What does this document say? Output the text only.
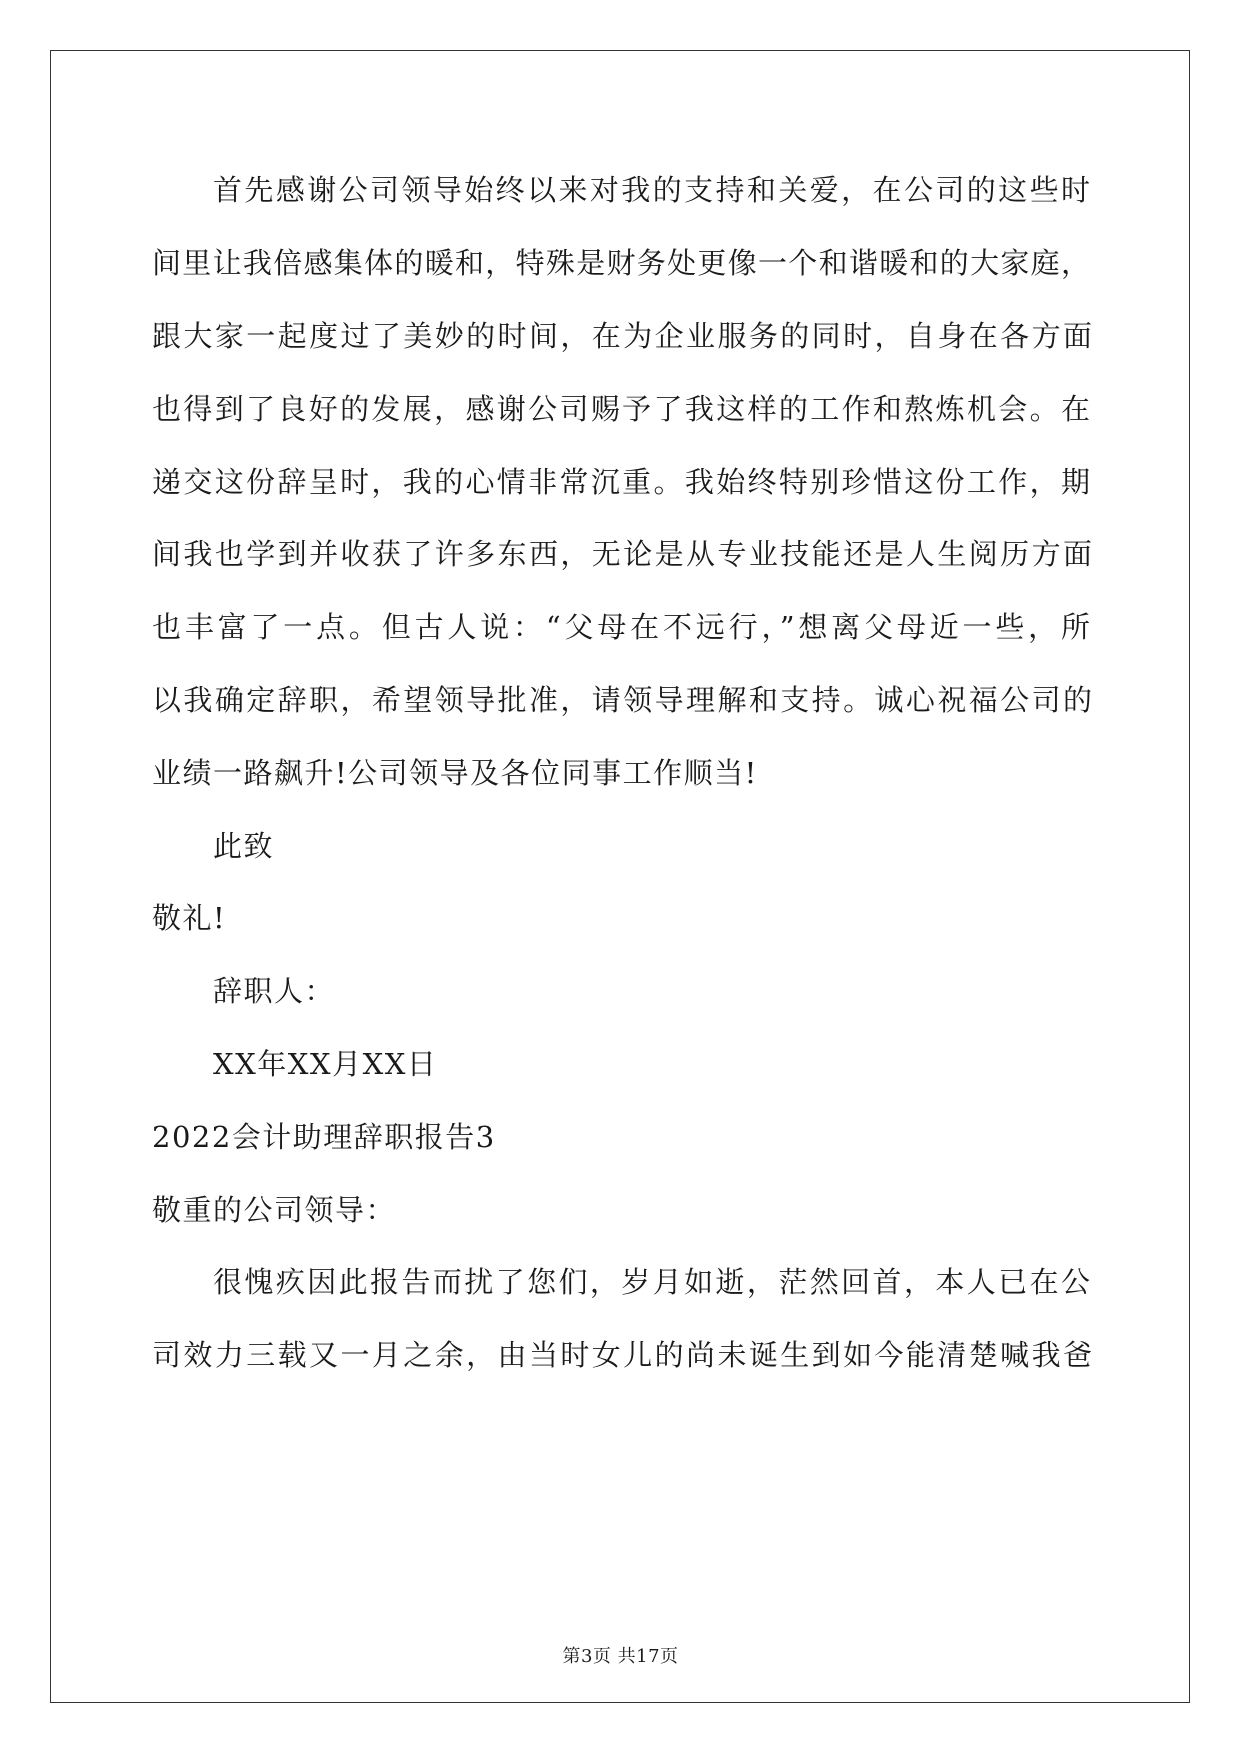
首先感谢公司领导始终以来对我的支持和关爱，在公司的这些时
间里让我倍感集体的暖和，特殊是财务处更像一个和谐暖和的大家庭，
跟大家一起度过了美妙的时间，在为企业服务的同时，自身在各方面
也得到了良好的发展，感谢公司赐予了我这样的工作和熬炼机会。在
递交这份辞呈时，我的心情非常沉重。我始终特别珍惜这份工作，期
间我也学到并收获了许多东西，无论是从专业技能还是人生阅历方面
也丰富了一点。但古人说：“父母在不远行，”想离父母近一些，所
以我确定辞职，希望领导批准，请领导理解和支持。诚心祝福公司的
业绩一路飙升!公司领导及各位同事工作顺当!
此致
敬礼!
辞职人：
XX年XX月XX日
2022会计助理辞职报告3
敬重的公司领导：
很愧疚因此报告而扰了您们，岁月如逝，茫然回首，本人已在公
司效力三载又一月之余，由当时女儿的尚未诞生到如今能清楚喊我爸
第3页 共17页
